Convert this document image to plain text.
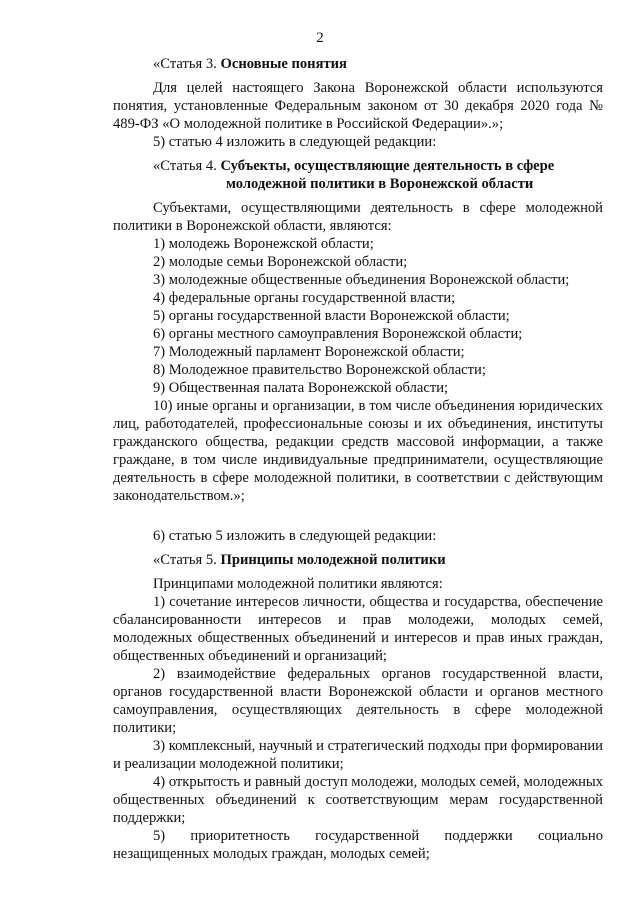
2

«Статья 3. Основные понятия

Для целей настоящего Закона Воронежской области используются понятия, установленные Федеральным законом от 30 декабря 2020 года № 489-ФЗ «О молодежной политике в Российской Федерации».»;

5) статью 4 изложить в следующей редакции:

«Статья 4. Субъекты, осуществляющие деятельность в сфере

молодежной политики в Воронежской области

Субъектами, осуществляющими деятельность в сфере молодежной политики в Воронежской области, являются:

1) молодежь Воронежской области;

2) молодые семьи Воронежской области;

3) молодежные общественные объединения Воронежской области;

4) федеральные органы государственной власти;

5) органы государственной власти Воронежской области;

6) органы местного самоуправления Воронежской области;

7) Молодежный парламент Воронежской области;

8) Молодежное правительство Воронежской области;

9) Общественная палата Воронежской области;

10) иные органы и организации, в том числе объединения юридических лиц, работодателей, профессиональные союзы и их объединения, институты гражданского общества, редакции средств массовой информации, а также граждане, в том числе индивидуальные предприниматели, осуществляющие деятельность в сфере молодежной политики, в соответствии с действующим законодательством.»;

6) статью 5 изложить в следующей редакции:

«Статья 5. Принципы молодежной политики

Принципами молодежной политики являются:

1) сочетание интересов личности, общества и государства, обеспечение сбалансированности интересов и прав молодежи, молодых семей, молодежных общественных объединений и интересов и прав иных граждан, общественных объединений и организаций;

2) взаимодействие федеральных органов государственной власти, органов государственной власти Воронежской области и органов местного самоуправления, осуществляющих деятельность в сфере молодежной политики;

3) комплексный, научный и стратегический подходы при формировании и реализации молодежной политики;

4) открытость и равный доступ молодежи, молодых семей, молодежных общественных объединений к соответствующим мерам государственной поддержки;

5) приоритетность государственной поддержки социально незащищенных молодых граждан, молодых семей;
